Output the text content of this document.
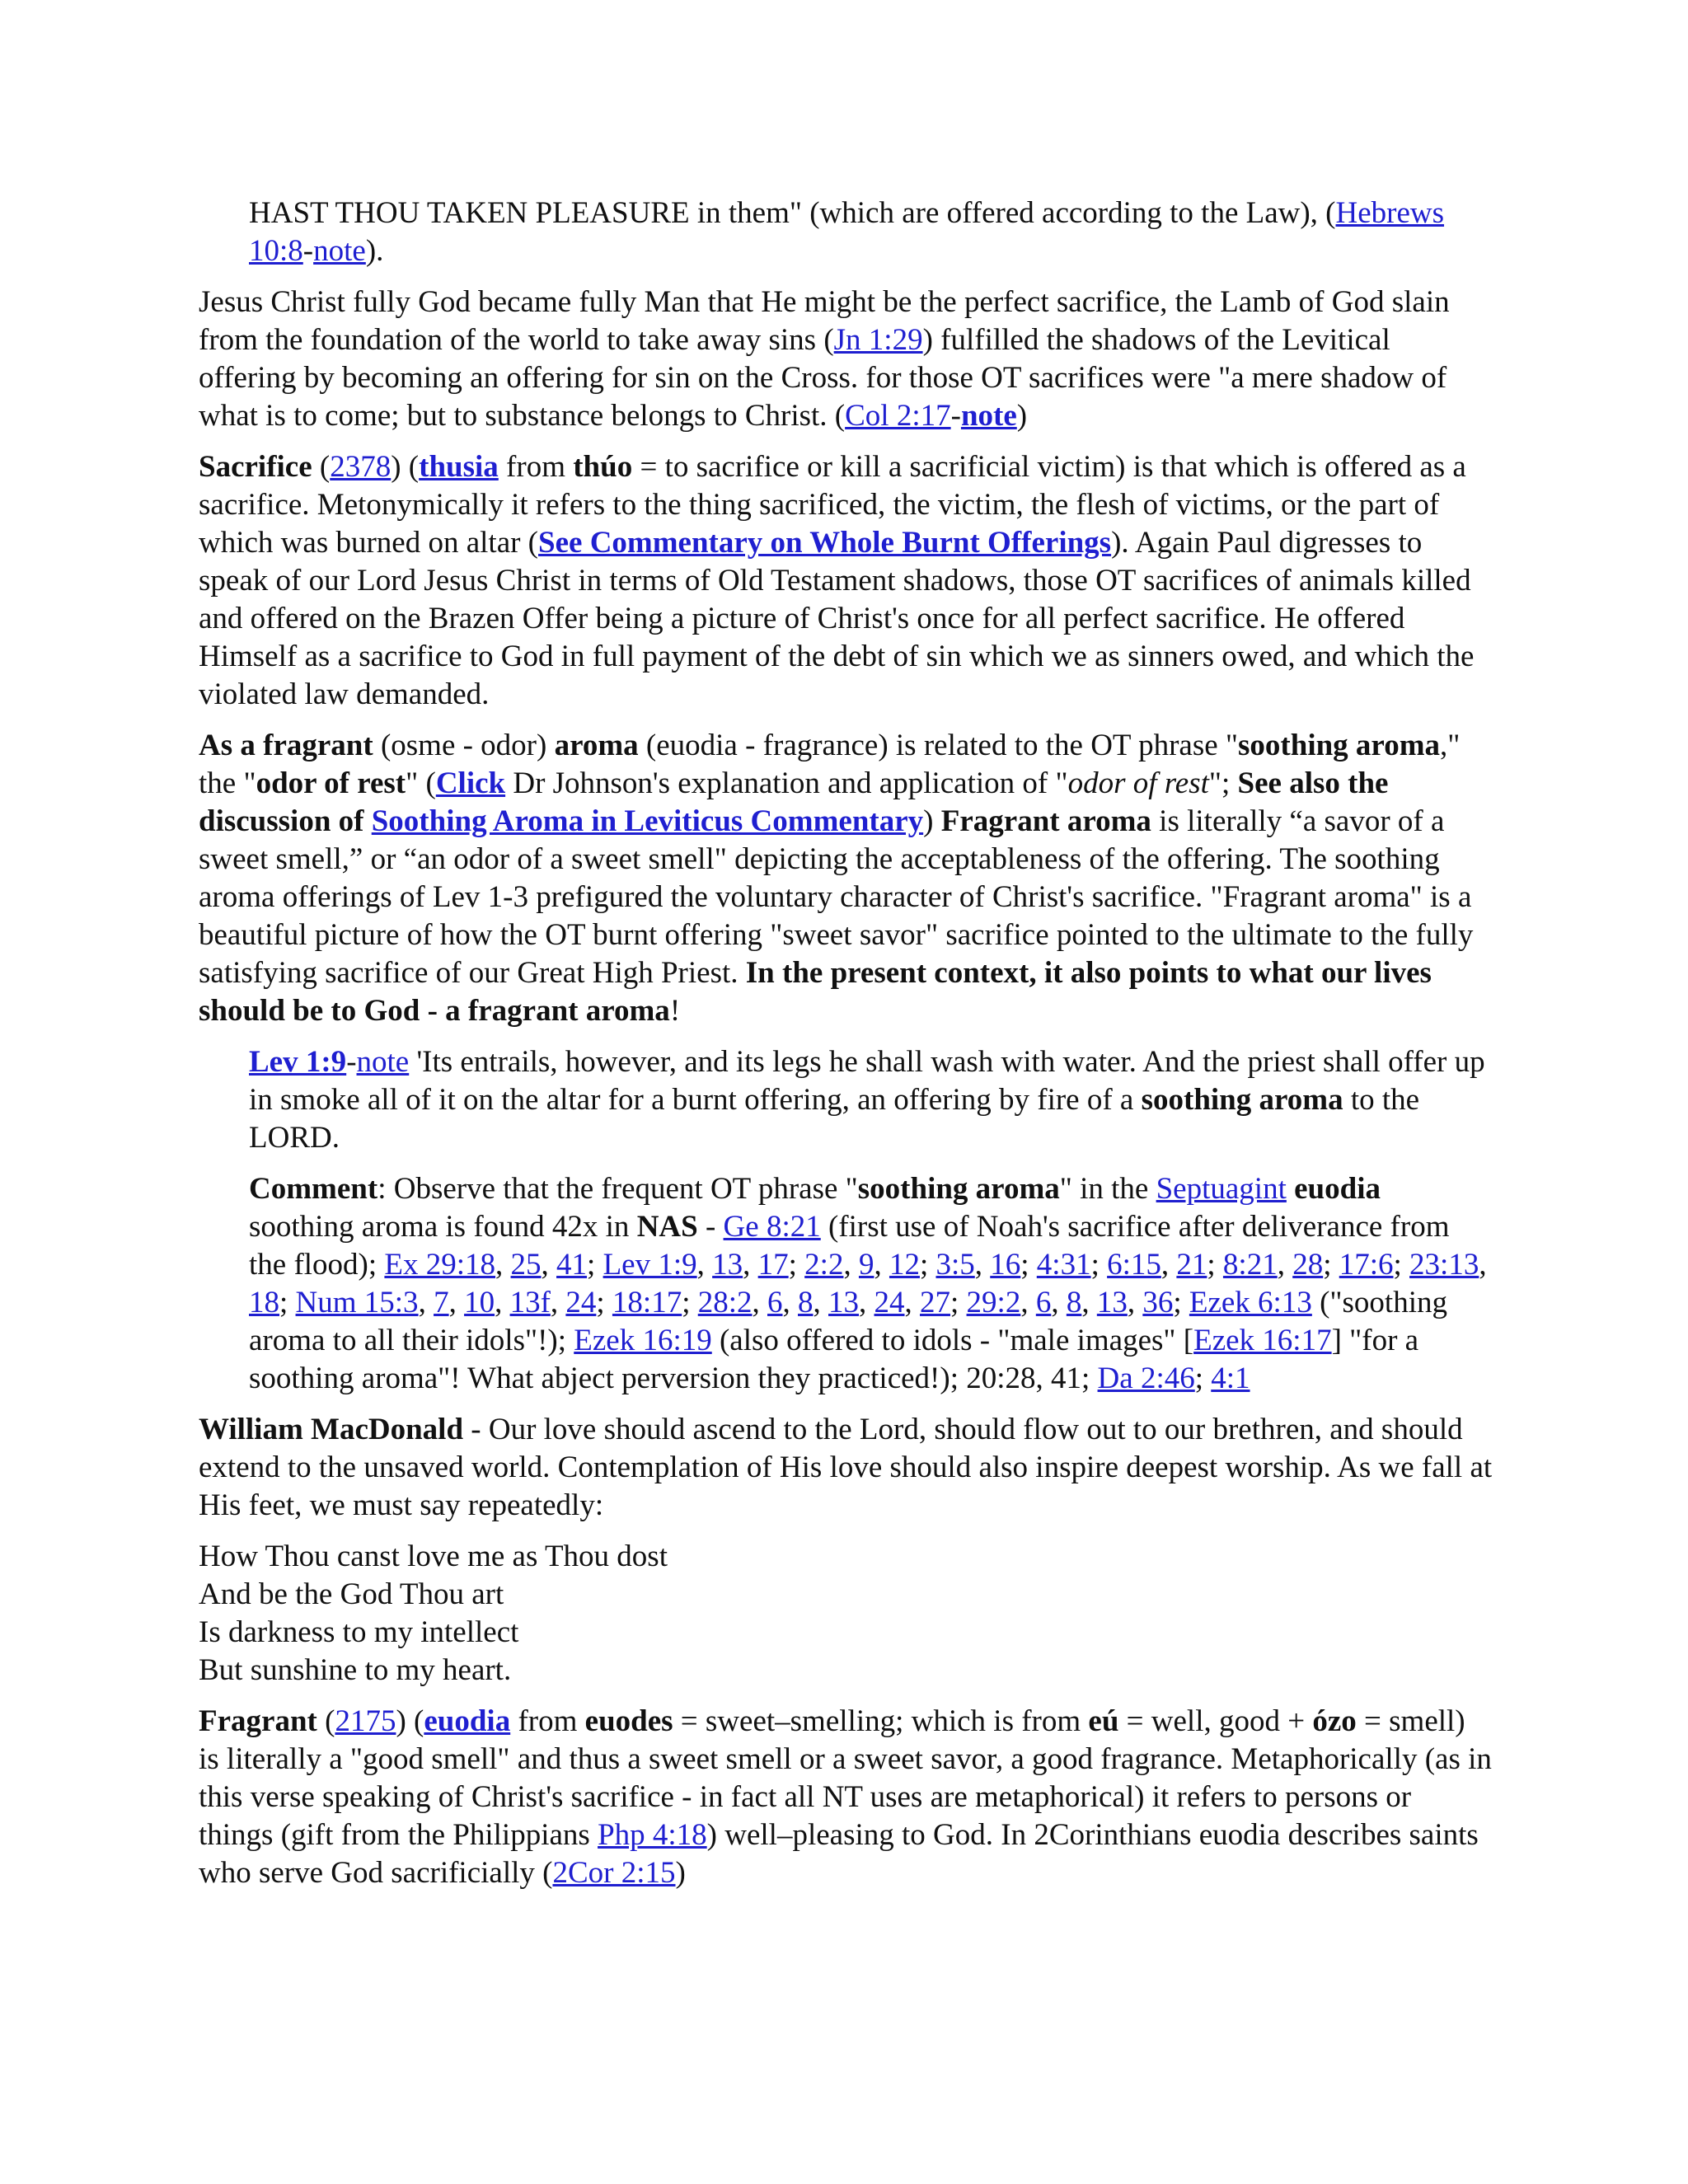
HAST THOU TAKEN PLEASURE in them" (which are offered according to the Law), (Hebrews 10:8-note).

Jesus Christ fully God became fully Man that He might be the perfect sacrifice, the Lamb of God slain from the foundation of the world to take away sins (Jn 1:29) fulfilled the shadows of the Levitical offering by becoming an offering for sin on the Cross. for those OT sacrifices were "a mere shadow of what is to come; but to substance belongs to Christ. (Col 2:17-note)

Sacrifice (2378) (thusia from thúo = to sacrifice or kill a sacrificial victim) is that which is offered as a sacrifice. Metonymically it refers to the thing sacrificed, the victim, the flesh of victims, or the part of which was burned on altar (See Commentary on Whole Burnt Offerings). Again Paul digresses to speak of our Lord Jesus Christ in terms of Old Testament shadows, those OT sacrifices of animals killed and offered on the Brazen Offer being a picture of Christ's once for all perfect sacrifice. He offered Himself as a sacrifice to God in full payment of the debt of sin which we as sinners owed, and which the violated law demanded.

As a fragrant (osme - odor) aroma (euodia - fragrance) is related to the OT phrase "soothing aroma," the "odor of rest" (Click Dr Johnson's explanation and application of "odor of rest"; See also the discussion of Soothing Aroma in Leviticus Commentary) Fragrant aroma is literally “a savor of a sweet smell,” or “an odor of a sweet smell" depicting the acceptableness of the offering. The soothing aroma offerings of Lev 1-3 prefigured the voluntary character of Christ's sacrifice. "Fragrant aroma" is a beautiful picture of how the OT burnt offering "sweet savor" sacrifice pointed to the ultimate to the fully satisfying sacrifice of our Great High Priest. In the present context, it also points to what our lives should be to God - a fragrant aroma!

Lev 1:9-note 'Its entrails, however, and its legs he shall wash with water. And the priest shall offer up in smoke all of it on the altar for a burnt offering, an offering by fire of a soothing aroma to the LORD.

Comment: Observe that the frequent OT phrase "soothing aroma" in the Septuagint euodia soothing aroma is found 42x in NAS - Ge 8:21 (first use of Noah's sacrifice after deliverance from the flood); Ex 29:18, 25, 41; Lev 1:9, 13, 17; 2:2, 9, 12; 3:5, 16; 4:31; 6:15, 21; 8:21, 28; 17:6; 23:13, 18; Num 15:3, 7, 10, 13f, 24; 18:17; 28:2, 6, 8, 13, 24, 27; 29:2, 6, 8, 13, 36; Ezek 6:13 ("soothing aroma to all their idols"!); Ezek 16:19 (also offered to idols - "male images" [Ezek 16:17] "for a soothing aroma"! What abject perversion they practiced!); 20:28, 41; Da 2:46; 4:1

William MacDonald - Our love should ascend to the Lord, should flow out to our brethren, and should extend to the unsaved world. Contemplation of His love should also inspire deepest worship. As we fall at His feet, we must say repeatedly:

How Thou canst love me as Thou dost
And be the God Thou art
Is darkness to my intellect
But sunshine to my heart.

Fragrant (2175) (euodia from euodes = sweet–smelling; which is from eú = well, good + ózo = smell) is literally a "good smell" and thus a sweet smell or a sweet savor, a good fragrance. Metaphorically (as in this verse speaking of Christ's sacrifice - in fact all NT uses are metaphorical) it refers to persons or things (gift from the Philippians Php 4:18) well–pleasing to God. In 2Corinthians euodia describes saints who serve God sacrificially (2Cor 2:15)
